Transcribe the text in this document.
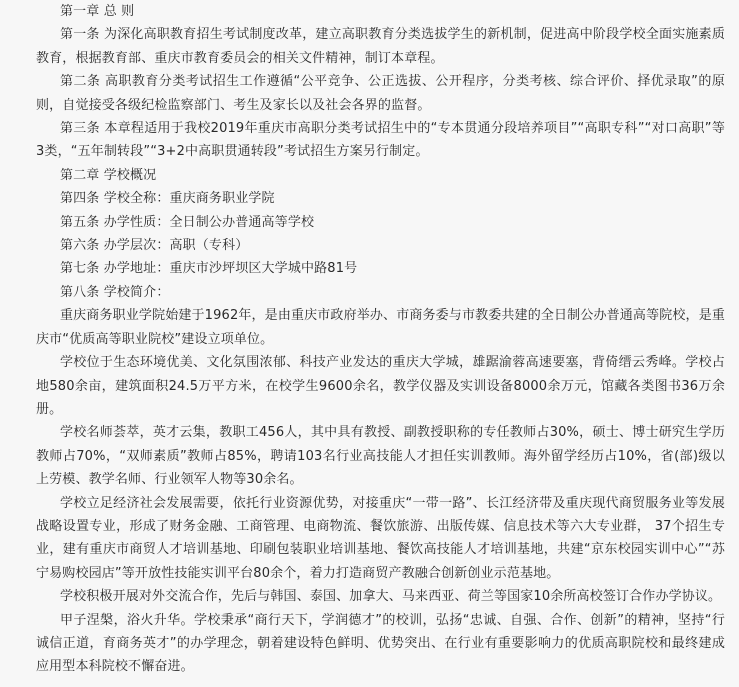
第一章 总 则

第一条 为深化高职教育招生考试制度改革，建立高职教育分类选拔学生的新机制，促进高中阶段学校全面实施素质教育，根据教育部、重庆市教育委员会的相关文件精神，制订本章程。

第二条 高职教育分类考试招生工作遵循“公平竞争、公正选拔、公开程序，分类考核、综合评价、择优录取”的原则，自觉接受各级纪检监察部门、考生及家长以及社会各界的监督。

第三条 本章程适用于我校2019年重庆市高职分类考试招生中的“专本贯通分段培养项目”“高职专科”“对口高职”等3类，“五年制转段”“3+2中高职贯通转段”考试招生方案另行制定。

第二章 学校概况

第四条 学校全称：重庆商务职业学院

第五条 办学性质：全日制公办普通高等学校

第六条 办学层次：高职（专科）

第七条 办学地址：重庆市沙坪坝区大学城中路81号

第八条 学校简介：

重庆商务职业学院始建于1962年，是由重庆市政府举办、市商务委与市教委共建的全日制公办普通高等院校，是重庆市“优质高等职业院校”建设立项单位。

学校位于生态环境优美、文化氛围浓郁、科技产业发达的重庆大学城，雄踞渝蓉高速要塞，背倚缙云秀峰。学校占地580余亩，建筑面积24.5万平方米，在校学生9600余名，教学仪器及实训设备8000余万元，馆藏各类图书36万余册。

学校名师荟萃，英才云集，教职工456人，其中具有教授、副教授职称的专任教师占30%，硕士、博士研究生学历教师占70%，“双师素质”教师占85%，聘请103名行业高技能人才担任实训教师。海外留学经历占10%，省(部)级以上劳模、教学名师、行业领军人物等30余名。

学校立足经济社会发展需要，依托行业资源优势，对接重庆“一带一路”、长江经济带及重庆现代商贸服务业等发展战略设置专业，形成了财务金融、工商管理、电商物流、餐饮旅游、出版传媒、信息技术等六大专业群， 37个招生专业，建有重庆市商贸人才培训基地、印刷包装职业培训基地、餐饮高技能人才培训基地，共建“京东校园实训中心”“苏宁易购校园店”等开放性技能实训平台80余个，着力打造商贸产教融合创新创业示范基地。

学校积极开展对外交流合作，先后与韩国、泰国、加拿大、马来西亚、荷兰等国家10余所高校签订合作办学协议。

甲子涅槃，浴火升华。学校秉承“商行天下，学润德才”的校训，弘扬“忠诚、自强、合作、创新”的精神，坚持“行诚信正道，育商务英才”的办学理念，朝着建设特色鲜明、优势突出、在行业有重要影响力的优质高职院校和最终建成应用型本科院校不懈奋进。
